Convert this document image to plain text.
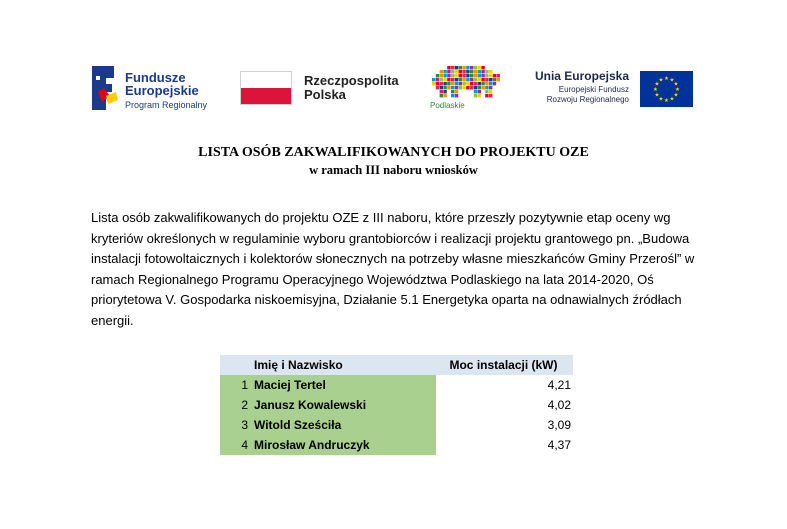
Fundusze
Europejskie
Program Regionalny
Rzeczpospolita
Polska
Podlaskie
Unia Europejska
Europejski Fundusz
Rozwoju Regionalnego
★
★
★
★
★
★
★
★
★ ★ ★
★
LISTA OSÓB ZAKWALIFIKOWANYCH DO PROJEKTU OZE
w ramach III naboru wniosków
Lista osób zakwalifikowanych do projektu OZE z III naboru, które przeszły pozytywnie etap oceny wg kryteriów określonych w regulaminie wyboru grantobiorców i realizacji projektu grantowego pn. „Budowa instalacji fotowoltaicznych i kolektorów słonecznych na potrzeby własne mieszkańców Gminy Przerośl” w ramach Regionalnego Programu Operacyjnego Województwa Podlaskiego na lata 2014-2020, Oś priorytetowa V. Gospodarka niskoemisyjna, Działanie 5.1 Energetyka oparta na odnawialnych źródłach energii.
	Imię i Nazwisko	Moc instalacji (kW)
1	Maciej Tertel	4,21
2	Janusz Kowalewski	4,02
3	Witold Sześciła	3,09
4	Mirosław Andruczyk	4,37
